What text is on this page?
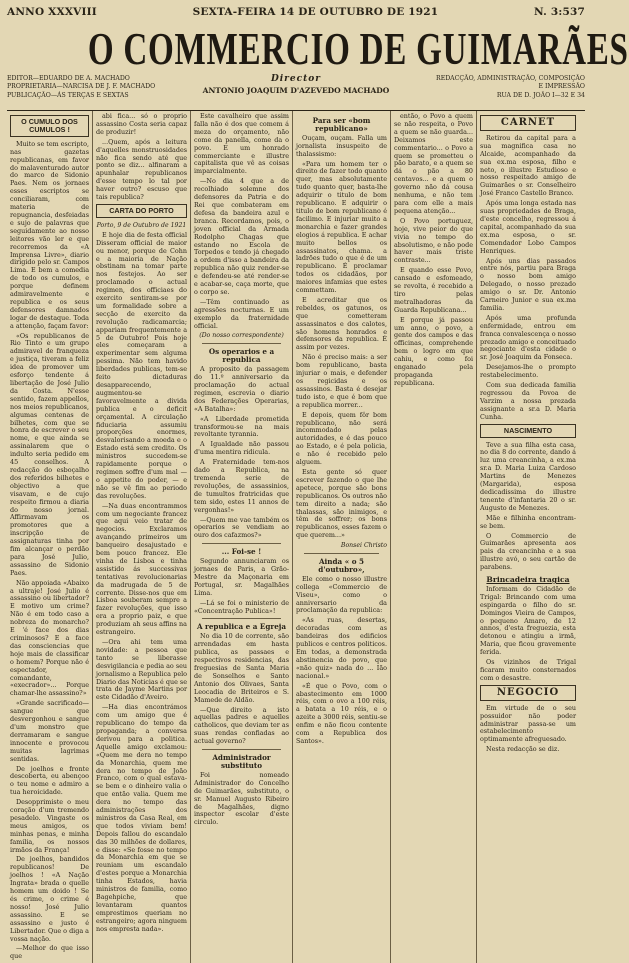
ANNO XXXVIII	SEXTA-FEIRA 14 DE OUTUBRO DE 1921	N. 3:537
O COMMERCIO DE GUIMARÃES
EDITOR—EDUARDO DE A. MACHADO
PROPRIETARIA—NARCISA DE J. F. MACHADO
PUBLICAÇÃO—ÁS TERÇAS E SEXTAS
Director
ANTONIO JOAQUIM D'AZEVEDO MACHADO
REDACÇÃO, ADMINISTRAÇÃO, COMPOSIÇÃO
E IMPRESSÃO
RUA DE D. JOÃO I—32 E 34
O CUMULO DOS CUMULOS !

Muito se tem escripto, nas gazetas republicanas, em favor do malaventurado autor do marco de Sidonio Paes. Nem os jornaes esses escriptos se conciliaram, com materia de repugnancia, desfeiadas e sujo de palavras que seguidamente ao nosso leitores vão ler e que recorremos da «A Imprensa Livre», diario dirigido pelo sr. Campos Lima. E bem a comedia de todo os cumulos, e porque definem admiravelmente e republica e os seus defensores damnados logar de destaque. Toda a attenção, façam favor:

«Os republicanos de Rio Tinto e um grupo admiravel de franqueza e justiça, tiveram a feliz idea de promover um esforço tendente á libertação de José Julio da Costa. N'esse sentido, fazem appellos, nos meios republicanos, algumas centenas de bilhetes, com que se honra de escrever o seu nome, e que ainda se assinalarem que o indulto seria pedido em 45 conselhos. A redacção do esboçalho dos referidos bilhetes e objectivo a que visavam, e de cujo respeito firmou a diaria do nosso jornal. Affirmavam os promotores que a inscripção de assignaturas tinha por fim alcançar o perdão para José Julio, assassino de Sidonio Paes.

Não appoiada «Abaixo a ultraje! José Julio é assassino ou libertador? E motivo um crime? Não é em todo caso a nobreza do monarcho? E 'é face dos dias criminosos? E a face das consciencias que hoje mais de classificar o homem? Porque não é espectador, comandante, «execrador»... Porque chamar-lhe assassino?»

«Grande sacrificado—sangue que desvergonhou e sangue d'um monstro que derramaram e sangue innocente e provocou muitas lagrimas sentidas.

De joelhos e fronte descoberta, eu abençoo o teu nome e admiro a tua heroicidade.

Desopprimiste o meu coração d'um tremendo pesadelo. Vingaste os meus amigos, os minhas penas, e minha familia, os nossos irmãos da França!

De joelhos, bandidos republicanos! De joelhos ! «A Nação Ingrata» brada o quelle homem um doido ! Se és crime, o crime é nosso! José Julio assassino. E se assassino e justo é Libertador. Que o diga a vossa nação.

—Melhor do que isso que

abi fica... só o proprio assassino Costa seria capaz de produzir!

...Quem, após a leitura d'aquelles monstruosidades não fica sendo até que ponto se diz... alfinaram a apunhalar republicanos d'esse tempo lo tal por haver outro? escuso que tais republica?

CARTA DO PORTO
Porto, 9 de Outubro de 1921

E hoje dia de festa official Disseram official de maior ou menor, porque de Cohn e a maioria de Nação obstinam na tomar parte nos festejos. Ao ser proclamado o actual regimen, dos officiaes do exercito sentiram-se por um formalidade sobre a secção de exercito da revolução radicamarcia; appariam frequentemente a 5 de Outubro! Pois hoje eles começaram a experimentar sem alguma pessima. Não tem havido liberdades publicas, tem-se feito dictaduras desapparecendo, augmentou-se favoravelmente a divida publica e o deficit orçamental. A circulação fiduciaria assumiu proporções enormes, desvalorisando a moeda e o Estado está sem credito. Os ministros succedem-se rapidamente porque o regimen soffre d'um mal —o appetite do poder, — e não se vê fim ao periodo das revoluções.

—Na duas encontrammos com um negociante francez que aqui veio tratar de negocios. Exclaramos avançando primeiros um banqueiro desajustado e bem pouco francez. Ele vinha de Lisboa e tinha assistido ás successivas tentativas revolucionarias da madrugada de 5 de corrente. Disse-nos que em Lisboa souberam sempre a fazer revoluções, que isso era a proprio paiz, e que produziam ah seus affins na estrangeiro.

—Ora ahi tem uma novidade: a pessoa que tanto se liberasse desvigilancia e pedia ao seu jornalismo a Republica pelo Diario das Noticias é que se trata de Jayme Martins por este Cidadão d'Aveiro.

—Ha dias encontrámos com um amigo que é republicano do tempo da propaganda; a conversa derivou para a politica. Aquelle amigo exclamou: «Quem me dera no tempo da Monarchia, quem me dera no tempo de João Franco, com o qual estava-se bem e o dinheiro valia o que então valia. Quem me dera no tempo das administrações dos ministros da Casa Real, em que todos viviam bem! Depois fallou do escandalo das 30 milhões de dollares, e disse: «Se fosse no tempo da Monarchia em que se reuniam um escandalo d'estes porque a Monarchia tinha Estados, havia ministros de familia, como Bagehpiche, que levantaram quantos emprestimos queriam no estrangeiro; agora ninguem nos empresta nada».

Este cavalheiro que assim falla não é dos que comem á meza do orçamento, não come da panella, come da o povo. E um honrado commerciante e illustre capitalista que vê as coisas imparcialmente.

—No dia 4 que a de recolhiado solemne dos defensores da Patria e do Rei que combateram em defesa da bandeira azul e branca. Recordamos, pois, o joven official da Armada Rodolpho Chagas que estando no Escola de Torpedos e tendo já chegado a ordem d'isso a bandeira da republica não quiz render-se e defendeu-se até render-se e acabar-se, caça morte, que o corpo se.

—Têm continuado as agressões nocturnas. E um exemplo da fraternidade official.

(Do nosso correspondente)
Os operarios e a republica

A proposito da passagem do 11.º anniversario da proclamação do actual regimen, escrevia o diario dos Federações Operarias, «A Batalha»:

«A Liberdade prometida transformou-se na mais revoltante tyrannia.

A Igualdade não passou d'uma mentira ridicula.

A Fraternidade tem-nos dado a Republica, na tremenda serie de revoluções, de assassinios, de tumultos fratricidas que tem sido, estes 11 annos de vergonhas!»

—Quem me vae também os operarios se vendiam ao ouro dos cafazmos?»

... Foi-se !

Segundo annunciaram os jornaes de Paris, a Grão-Mestre da Maçonaria em Portugal, sr. Magalhães Lima.

—Lá se foi o ministerio de «Concentração Publica»!

A republica e a Egreja

No dia 10 de corrente, são arrendadas em hasta publica, as passaes e respectivos residencias, das freguesias de Santa Maria de Sonselhos e Santo Antonio dos Olivaes, Santa Leocadia de Briteiros e S. Mamede de Aldão.

—Que direito a isto aquellas padres e aquelles catholicos, que deviam ter as suas rendas confiadas ao actual governo?

Administrador substituto

Foi nomeado Administrador do Concelho de Guimarães, substituto, o sr. Manuel Augusto Ribeiro de Magalhães, digno inspector escolar d'este circulo.

Para ser «bom republicano»

Ouçam, ouçam. Falla um jornalista insuspeito de thalassismo:

«Para um homem ter o direito de fazer todo quanto quer, mas absolutamente tudo quanto quer, basta-lhe adquirir o titulo de bom republicano. E adquirir o titulo de bom republicano é facilimo. E injuriar muito a monarchia e fazer grandes elogios á republica. E achar muito bellos os assassinatos, chama. a ladrões tudo o que é de um republicano. É proclamar todos os cidadãos, por maiores infamias que estes commettam.

E acreditar que os rebeldes, os gatunos, os que cometteram assassinatos e dos calotes, são homens honrados e defensores da republica. É assim por vezes.

Não é preciso mais: a ser bom republicano, basta injuriar o mais, e defender os regicidas e os assassinos. Basta é desejar tudo isto, e que é bom que a republica morrer...

E depois, quem fôr bom republicano, não será incommodado pelas autoridades, e é das pouco ao Estado, e é pela policia, e não é recebido pelo alguem.

Esta gente só quer escrever fazendo o que lhe apetece, porque são bons republicanos. Os outros não tem direito a nada; são thalassas, são inimigos, e têm de soffrer; os bons republicanos, esses fazem o que querem...»

Bonsei Christo
Ainda « o 5 d'outubro»,

Ele como o nosso illustre collega «Commercio de Viseu», como o anniversario da proclamação da republica:

«As ruas, desertas, decoradas com as bandeiras dos edificios publicos e centros politicos. Em todas, a demonstrada abstinencia do povo, que «não quiz» nada do ... Ião nacional.»

«É que o Povo, com o abastecimento em 1000 réis, com o ovo a 100 réis, a batata a 10 réis, e o azeite a 3000 réis, sentiu-se enfim e não ficou contente com a Republica dos Santos».

então, o Povo a quem se não respeita, o Povo a quem se não guarda... Deixamos este commentario... o Povo a quem se prometteu o pão barato, e a quem se dá o pão a 80 centavos... e a quem o governo não dá cousa nenhuma, e não tem para com elle a mais pequena atenção...

O Povo portuguez, hoje, vive peior do que vivia no tempo do absolutismo, e não pode haver mais triste contraste...

E quando esse Povo, cansado e esfomeado, se revolta, é recebido a tiro pelas metralhadoras da Guarda Republicana...

E porque já passou um anno, o povo, a gente dos campos e das officinas, comprehende bem o logro em que cahiu, e como foi enganado pela propaganda republicana.

CARNET

Retirou da capital para a sua magnifica casa no Alcaide, acompanhado da sua ex.ma esposa, filho e neto, o illustre Estudioso e nosso respeitado amigo de Guimarães o sr. Conselheiro José Franco Castello Branco.

Após uma longa estada nas suas propriedades de Braga, d'este concelho, regressou á capital, acompanhado da sua ex.ma esposa, o sr. Comendador Lobo Campos Henriques.

Após uns dias passados entre nós, partiu para Braga o nosso bom amigo Delegado, o nosso prezado amigo o sr. Dr. Antonio Carneiro Junior e sua ex.ma familia.

Após uma profunda enfermidade, entrou em franca convalescença o nosso prezado amigo e conceituado negociante d'esta cidade o sr. José Joaquim da Fonseca.

Desejamos-lhe o prompto restabelecimento.

Com sua dedicada familia regressou da Povoa de Varzim a nossa prezada assignante a sr.a D. Maria Cunha.

NASCIMENTO

Teve a sua filha esta casa, no dia 8 do corrente, dando á luz uma creancinha, a ex.ma sr.a D. Maria Luiza Cardoso Martins de Menezes (Margarida), esposa dedicadissima do illustre tenente d'infantaria 20 o sr. Augusto de Menezes.

Mãe e filhinha encontram-se bem.

O Commercio de Guimarães apresenta aos pais da creancinha e a sua illustre avó, o seu cartão de parabens.

Brincadeira tragica

Informam do Cidadão de Trigal: Brincando com uma espingarda o filho do sr. Domingos Vieira de Campos, o pequeno Amaro, de 12 annos, d'esta freguezia, esta detonou e atingiu a irmã, Maria, que ficou gravemente ferida.

Os vizinhos de Trigal ficaram muito consternados com o desastre.

NEGOCIO

Em virtude de o seu possuidor não poder administrar passa-se um estabelecimento optimamente afreguesado.

Nesta redacção se diz.
